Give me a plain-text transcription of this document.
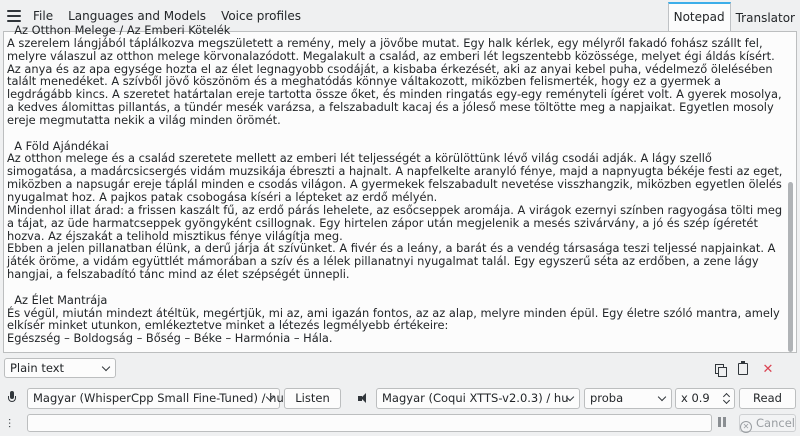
File	Languages and Models	Voice profiles	Notepad Translator
Az Otthon Melege / Az Emberi Kötelék
A szerelem lángjából táplálkozva megszületett a remény, mely a jövőbe mutat. Egy halk kérlek, egy mélyről fakadó fohász szállt fel, melyre válaszul az otthon melege körvonalazódott. Megalakult a család, az emberi lét legszentebb közössége, melyet égi áldás kísért. Az anya és az apa egysége hozta el az élet legnagyobb csodáját, a kisbaba érkezését, aki az anyai kebel puha, védelmező ölelésében talált menedéket. A szívből jövő köszönöm és a meghatódás könnye váltakozott, miközben felismerték, hogy ez a gyermek a legdrágább kincs. A szeretet határtalan ereje tartotta össze őket, és minden ringatás egy-egy reményteli ígéret volt. A gyerek mosolya, a kedves álomittas pillantás, a tündér mesék varázsa, a felszabadult kacaj és a jóleső mese töltötte meg a napjaikat. Egyetlen mosoly ereje megmutatta nekik a világ minden örömét.

A Föld Ajándékai
Az otthon melege és a család szeretete mellett az emberi lét teljességét a körülöttünk lévő világ csodái adják. A lágy szellő simogatása, a madárcsicsergés vidám muzsikája ébreszti a hajnalt. A napfelkelte aranyló fénye, majd a napnyugta békéje festi az eget, miközben a napsugár ereje táplál minden e csodás világon. A gyermekek felszabadult nevetése visszhangzik, miközben egyetlen ölelés nyugalmat hoz. A pajkos patak csobogása kíséri a lépteket az erdő mélyén.
Mindenhol illat árad: a frissen kaszált fű, az erdő párás lehelete, az esőcseppek aromája. A virágok ezernyi színben ragyogása tölti meg a tájat, az üde harmatcseppek gyöngyként csillognak. Egy hirtelen zápor után megjelenik a mesés szivárvány, a jó és szép ígéretét hozva. Az éjszakát a telihold misztikus fénye világítja meg.
Ebben a jelen pillanatban élünk, a derű járja át szívünket. A fivér és a leány, a barát és a vendég társasága teszi teljessé napjainkat. A játék öröme, a vidám együttlét mámorában a szív és a lélek pillanatnyi nyugalmat talál. Egy egyszerű séta az erdőben, a zene lágy hangjai, a felszabadító tánc mind az élet szépségét ünnepli.

Az Élet Mantrája
És végül, miután mindezt átéltük, megértjük, mi az, ami igazán fontos, az az alap, melyre minden épül. Egy életre szóló mantra, amely elkísér minket utunkon, emlékeztetve minket a létezés legmélyebb értékeire:
Egészség – Boldogság – Bőség – Béke – Harmónia – Hála.
Plain text	✕
Magyar (WhisperCpp Small Fine-Tuned) / hu	Listen	Magyar (Coqui XTTS-v2.0.3) / hu	proba	x 0.9	Read
⫶	✕ Cancel
